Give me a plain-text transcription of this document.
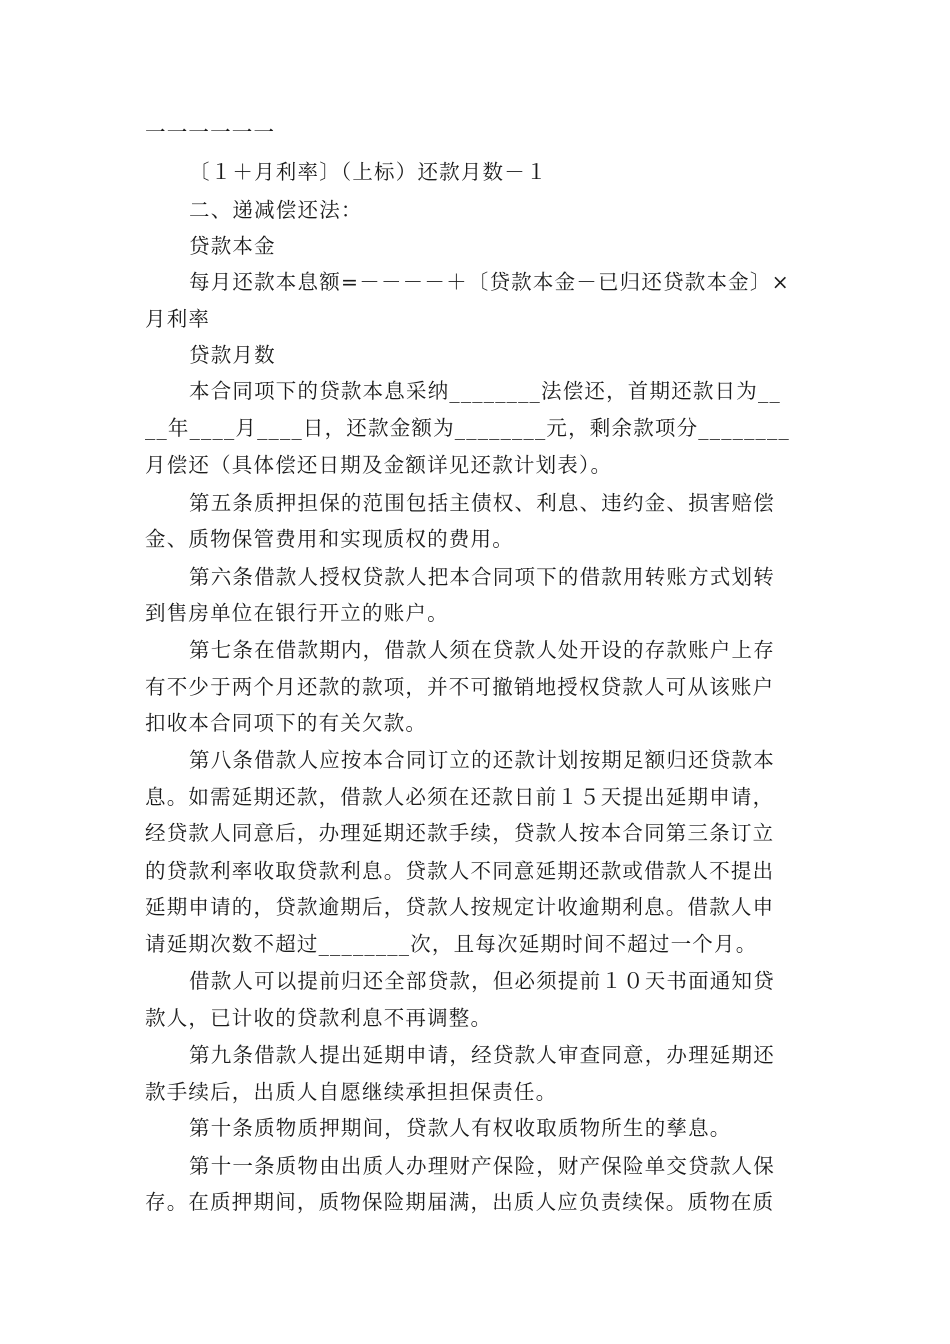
一一一一一一
〔１＋月利率〕（上标）还款月数－１
二、递减偿还法：
贷款本金
每月还款本息额=－－－－＋〔贷款本金－已归还贷款本金〕×
月利率
贷款月数
本合同项下的贷款本息采纳________法偿还，首期还款日为__
__年____月____日，还款金额为________元，剩余款项分________
月偿还（具体偿还日期及金额详见还款计划表）。
第五条质押担保的范围包括主债权、利息、违约金、损害赔偿
金、质物保管费用和实现质权的费用。
第六条借款人授权贷款人把本合同项下的借款用转账方式划转
到售房单位在银行开立的账户。
第七条在借款期内，借款人须在贷款人处开设的存款账户上存
有不少于两个月还款的款项，并不可撤销地授权贷款人可从该账户
扣收本合同项下的有关欠款。
第八条借款人应按本合同订立的还款计划按期足额归还贷款本
息。如需延期还款，借款人必须在还款日前１５天提出延期申请，
经贷款人同意后，办理延期还款手续，贷款人按本合同第三条订立
的贷款利率收取贷款利息。贷款人不同意延期还款或借款人不提出
延期申请的，贷款逾期后，贷款人按规定计收逾期利息。借款人申
请延期次数不超过________次，且每次延期时间不超过一个月。
借款人可以提前归还全部贷款，但必须提前１０天书面通知贷
款人，已计收的贷款利息不再调整。
第九条借款人提出延期申请，经贷款人审查同意，办理延期还
款手续后，出质人自愿继续承担担保责任。
第十条质物质押期间，贷款人有权收取质物所生的孳息。
第十一条质物由出质人办理财产保险，财产保险单交贷款人保
存。在质押期间，质物保险期届满，出质人应负责续保。质物在质
